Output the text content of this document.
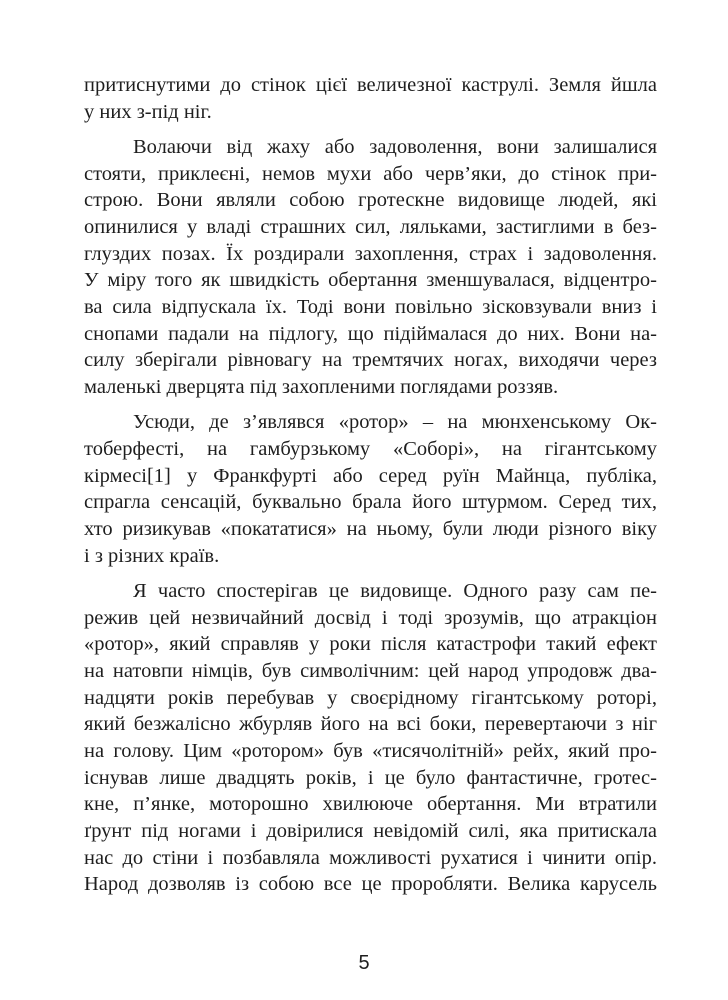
притиснутими до стінок цієї величезної каструлі. Земля йшла
у них з-під ніг.
Волаючи від жаху або задоволення, вони залишалися
стояти, приклеєні, немов мухи або черв’яки, до стінок при-
строю. Вони являли собою гротескне видовище людей, які
опинилися у владі страшних сил, ляльками, застиглими в без-
глуздих позах. Їх роздирали захоплення, страх і задоволення.
У міру того як швидкість обертання зменшувалася, відцентро-
ва сила відпускала їх. Тоді вони повільно зісковзували вниз і
снопами падали на підлогу, що підіймалася до них. Вони на-
силу зберігали рівновагу на тремтячих ногах, виходячи через
маленькі дверцята під захопленими поглядами роззяв.
Усюди, де з’являвся «ротор» – на мюнхенському Ок-
тоберфесті, на гамбурзькому «Соборі», на гігантському
кірмесі[1] у Франкфурті або серед руїн Майнца, публіка,
спрагла сенсацій, буквально брала його штурмом. Серед тих,
хто ризикував «покататися» на ньому, були люди різного віку
і з різних країв.
Я часто спостерігав це видовище. Одного разу сам пе-
режив цей незвичайний досвід і тоді зрозумів, що атракціон
«ротор», який справляв у роки після катастрофи такий ефект
на натовпи німців, був символічним: цей народ упродовж два-
надцяти років перебував у своєрідному гігантському роторі,
який безжалісно жбурляв його на всі боки, перевертаючи з ніг
на голову. Цим «ротором» був «тисячолітній» рейх, який про-
існував лише двадцять років, і це було фантастичне, гротес-
кне, п’янке, моторошно хвилююче обертання. Ми втратили
ґрунт під ногами і довірилися невідомій силі, яка притискала
нас до стіни і позбавляла можливості рухатися і чинити опір.
Народ дозволяв із собою все це проробляти. Велика карусель
5
